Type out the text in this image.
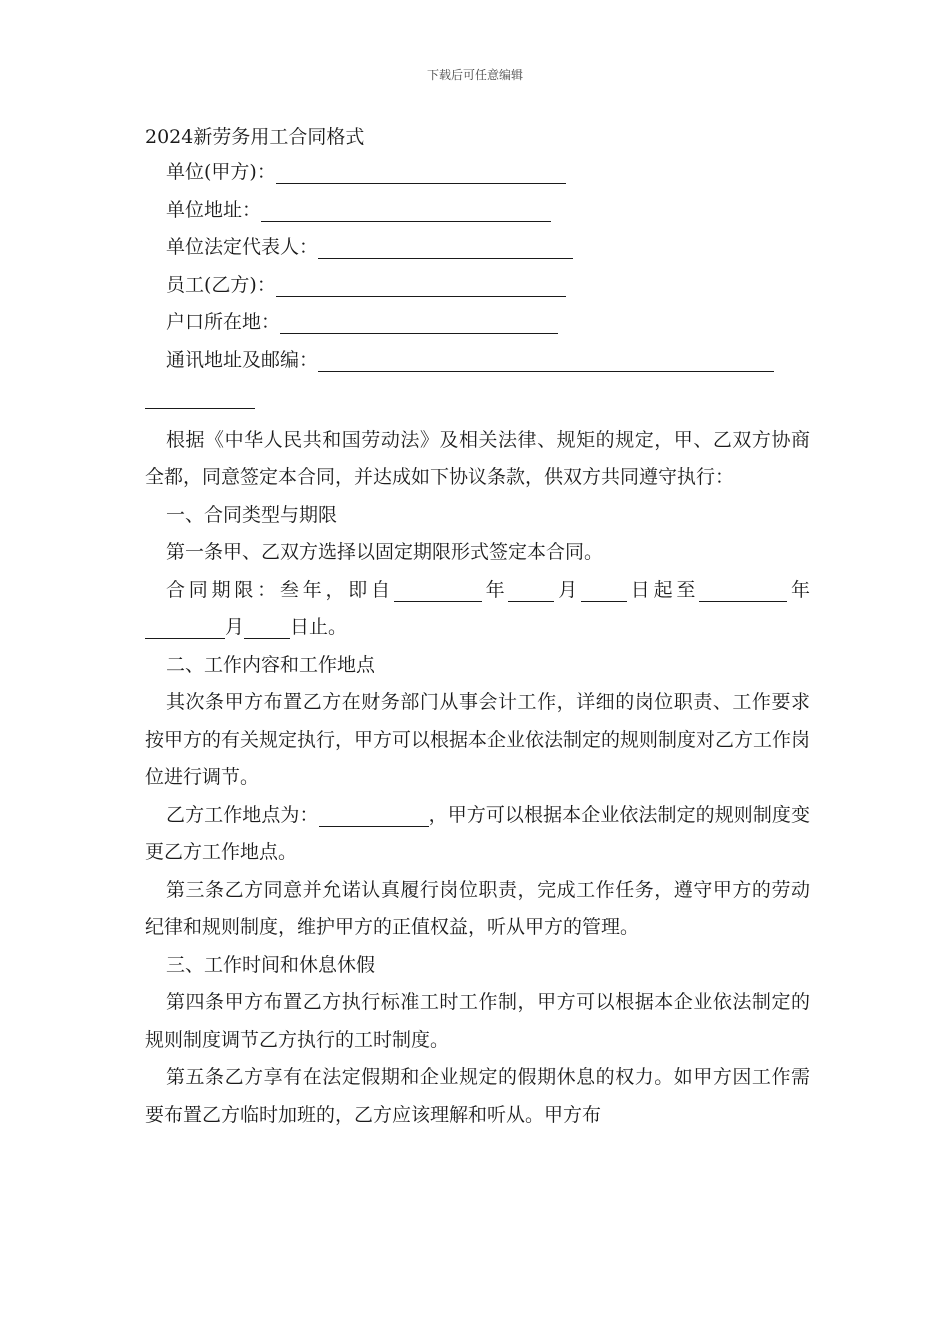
下载后可任意编辑
2024新劳务用工合同格式
单位(甲方)：
单位地址：
单位法定代表人：
员工(乙方)：
户口所在地：
通讯地址及邮编：
根据《中华人民共和国劳动法》及相关法律、规矩的规定，甲、乙双方协商全都，同意签定本合同，并达成如下协议条款，供双方共同遵守执行：
一、合同类型与期限
第一条甲、乙双方选择以固定期限形式签定本合同。
合同期限：叁年，即自	年 月 日起至	年月 日止。
二、工作内容和工作地点
其次条甲方布置乙方在财务部门从事会计工作，详细的岗位职责、工作要求按甲方的有关规定执行，甲方可以根据本企业依法制定的规则制度对乙方工作岗位进行调节。
乙方工作地点为：	，甲方可以根据本企业依法制定的规则制度变更乙方工作地点。
第三条乙方同意并允诺认真履行岗位职责，完成工作任务，遵守甲方的劳动纪律和规则制度，维护甲方的正值权益，听从甲方的管理。
三、工作时间和休息休假
第四条甲方布置乙方执行标准工时工作制，甲方可以根据本企业依法制定的规则制度调节乙方执行的工时制度。
第五条乙方享有在法定假期和企业规定的假期休息的权力。如甲方因工作需要布置乙方临时加班的，乙方应该理解和听从。甲方布
